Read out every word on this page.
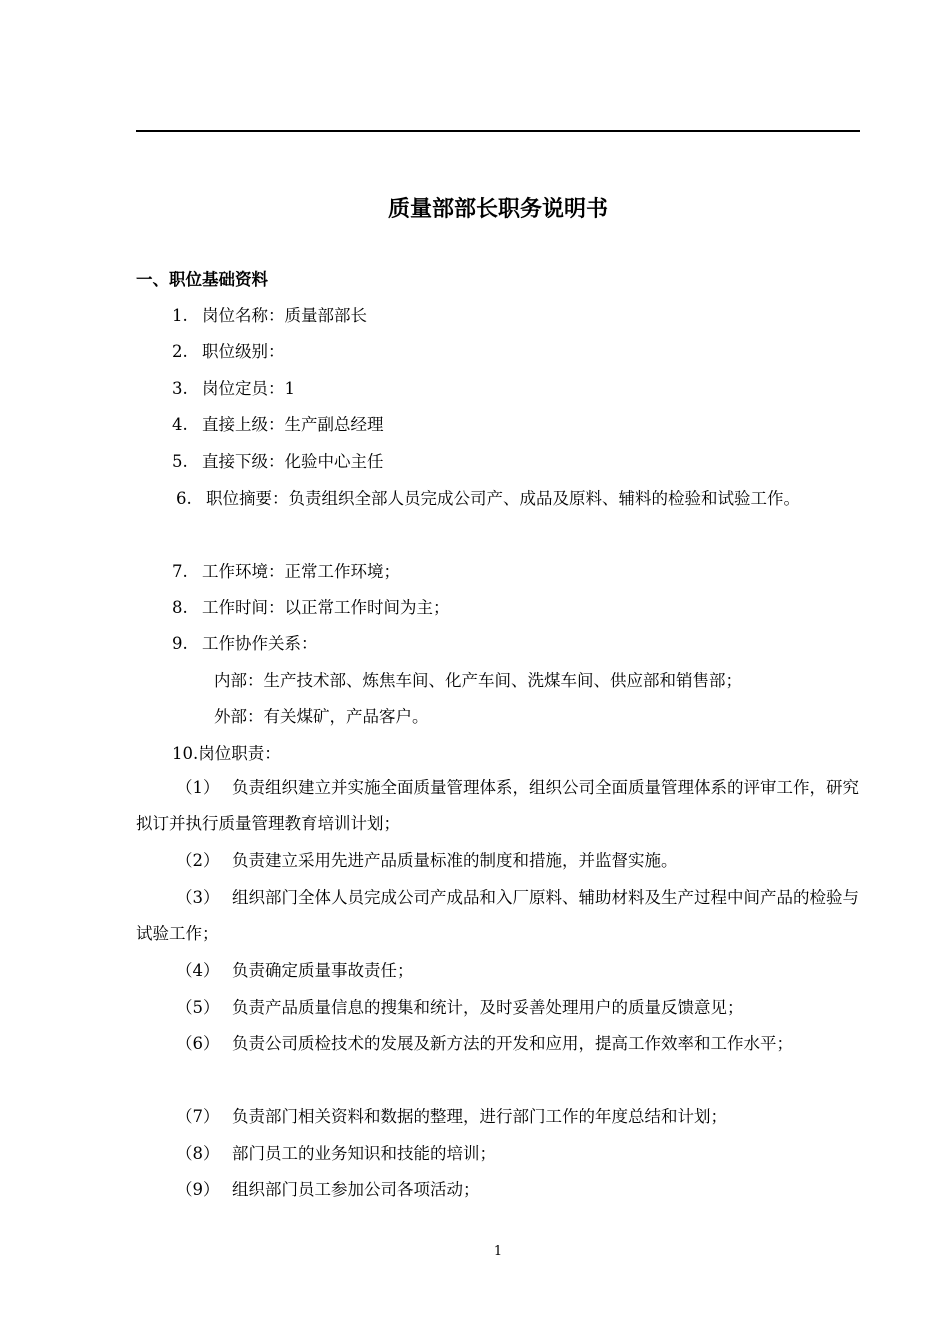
质量部部长职务说明书
一、职位基础资料
1. 岗位名称：质量部部长
2. 职位级别：
3. 岗位定员：1
4. 直接上级：生产副总经理
5. 直接下级：化验中心主任

6. 职位摘要：负责组织全部人员完成公司产、成品及原料、辅料的检验和试验工作。

7. 工作环境：正常工作环境；
8. 工作时间：以正常工作时间为主；
9. 工作协作关系：
内部：生产技术部、炼焦车间、化产车间、洗煤车间、供应部和销售部；
外部：有关煤矿，产品客户。
10.岗位职责：

（1） 负责组织建立并实施全面质量管理体系，组织公司全面质量管理体系的评审工作，研究拟订并执行质量管理教育培训计划；

（2） 负责建立采用先进产品质量标准的制度和措施，并监督实施。

（3） 组织部门全体人员完成公司产成品和入厂原料、辅助材料及生产过程中间产品的检验与试验工作；

（4） 负责确定质量事故责任；

（5） 负责产品质量信息的搜集和统计，及时妥善处理用户的质量反馈意见；

（6） 负责公司质检技术的发展及新方法的开发和应用，提高工作效率和工作水平；

（7） 负责部门相关资料和数据的整理，进行部门工作的年度总结和计划；

（8） 部门员工的业务知识和技能的培训；

（9） 组织部门员工参加公司各项活动；

1
